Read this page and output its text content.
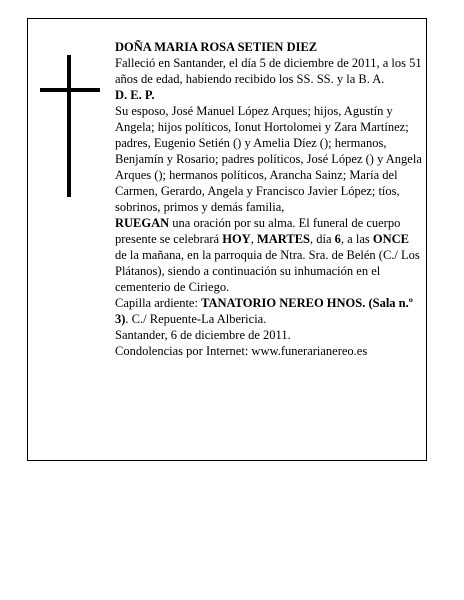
DOÑA MARIA ROSA SETIEN DIEZ

Falleció en Santander, el día 5 de diciembre de 2011, a los 51 años de edad, habiendo recibido los SS. SS. y la B. A.

D. E. P.

Su esposo, José Manuel López Arques; hijos, Agustín y Angela; hijos políticos, Ionut Hortolomei y Zara Martínez; padres, Eugenio Setién () y Amelia Díez (); hermanos, Benjamín y Rosario; padres políticos, José López () y Angela Arques (); hermanos políticos, Arancha Sainz; María del Carmen, Gerardo, Angela y Francisco Javier López; tíos, sobrinos, primos y demás familia,

RUEGAN una oración por su alma. El funeral de cuerpo presente se celebrará HOY, MARTES, día 6, a las ONCE de la mañana, en la parroquia de Ntra. Sra. de Belén (C./ Los Plátanos), siendo a continuación su inhumación en el cementerio de Ciriego.

Capilla ardiente: TANATORIO NEREO HNOS. (Sala n.º 3). C./ Repuente-La Albericia.

Santander, 6 de diciembre de 2011.

Condolencias por Internet: www.funerarianereo.es
